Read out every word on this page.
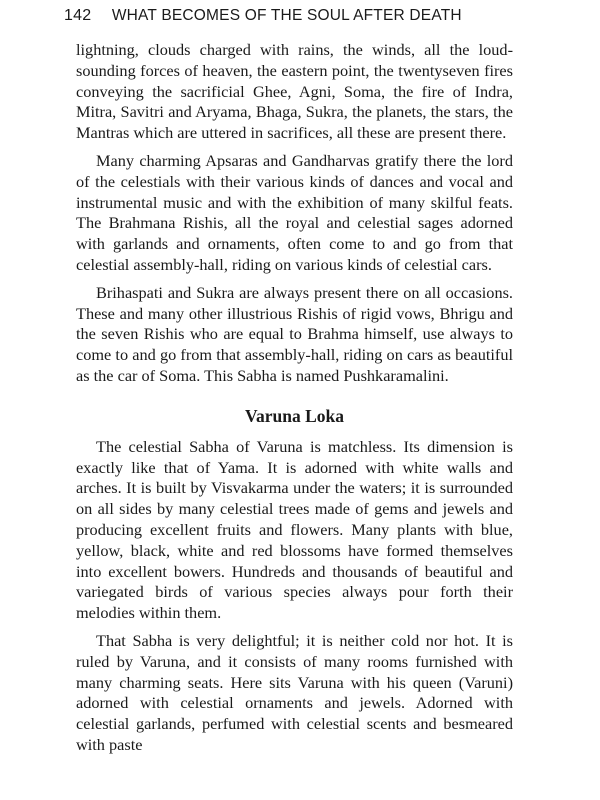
142 WHAT BECOMES OF THE SOUL AFTER DEATH

lightning, clouds charged with rains, the winds, all the loud-sounding forces of heaven, the eastern point, the twentyseven fires conveying the sacrificial Ghee, Agni, Soma, the fire of Indra, Mitra, Savitri and Aryama, Bhaga, Sukra, the planets, the stars, the Mantras which are uttered in sacrifices, all these are present there.

Many charming Apsaras and Gandharvas gratify there the lord of the celestials with their various kinds of dances and vocal and instrumental music and with the exhibition of many skilful feats. The Brahmana Rishis, all the royal and celestial sages adorned with garlands and ornaments, often come to and go from that celestial assembly-hall, riding on various kinds of celestial cars.

Brihaspati and Sukra are always present there on all occasions. These and many other illustrious Rishis of rigid vows, Bhrigu and the seven Rishis who are equal to Brahma himself, use always to come to and go from that assembly-hall, riding on cars as beautiful as the car of Soma. This Sabha is named Pushkaramalini.

Varuna Loka

The celestial Sabha of Varuna is matchless. Its dimension is exactly like that of Yama. It is adorned with white walls and arches. It is built by Visvakarma under the waters; it is surrounded on all sides by many celestial trees made of gems and jewels and producing excellent fruits and flowers. Many plants with blue, yellow, black, white and red blossoms have formed themselves into excellent bowers. Hundreds and thousands of beautiful and variegated birds of various species always pour forth their melodies within them.

That Sabha is very delightful; it is neither cold nor hot. It is ruled by Varuna, and it consists of many rooms furnished with many charming seats. Here sits Varuna with his queen (Varuni) adorned with celestial ornaments and jewels. Adorned with celestial garlands, perfumed with celestial scents and besmeared with paste
